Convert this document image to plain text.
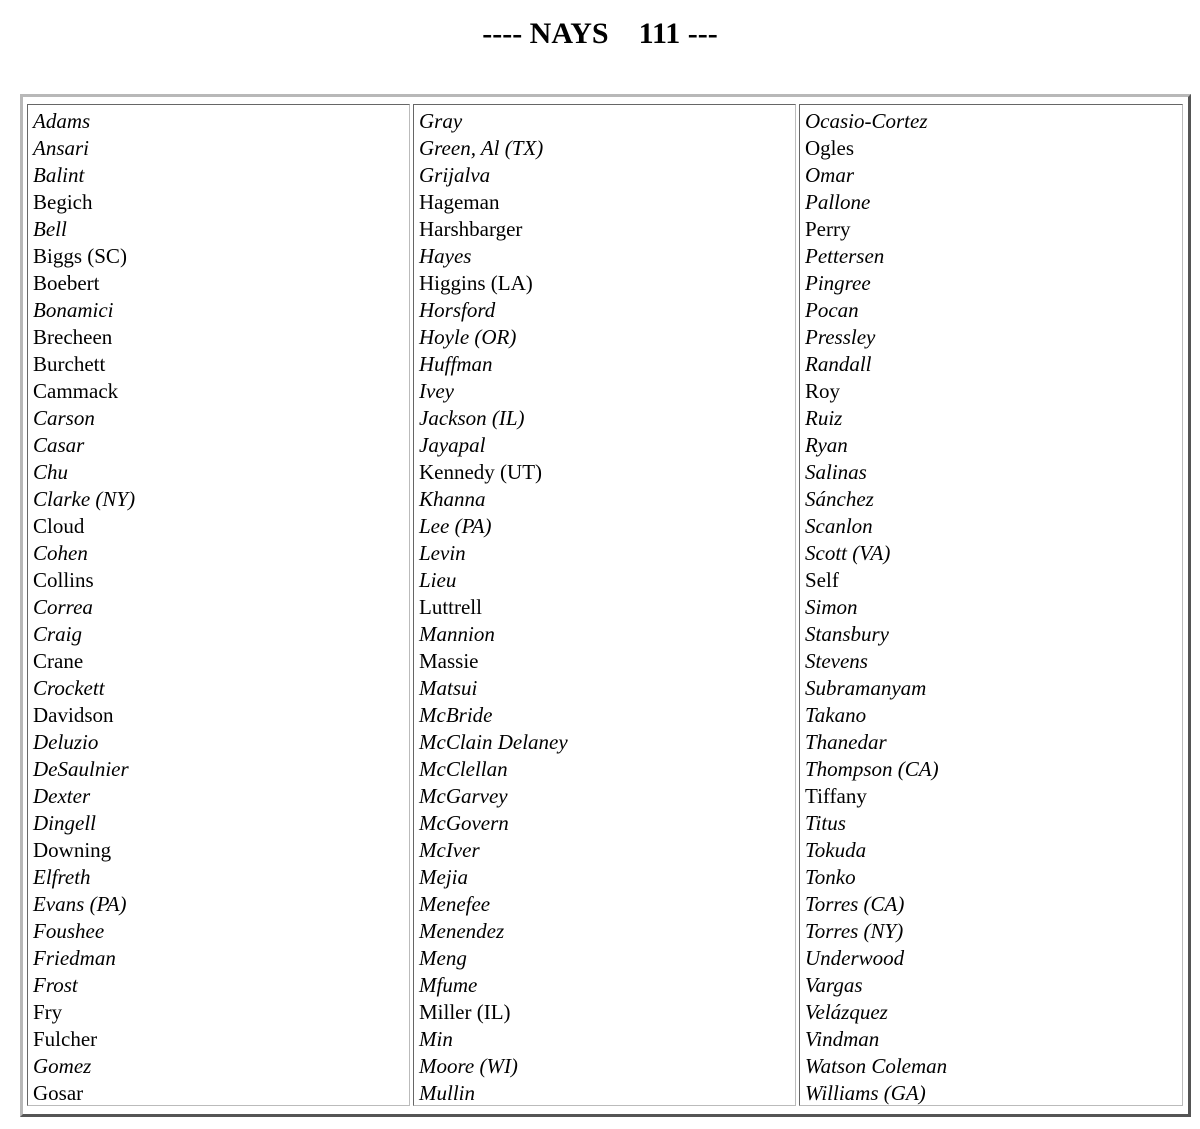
---- NAYS    111 ---
Adams
Ansari
Balint
Begich
Bell
Biggs (SC)
Boebert
Bonamici
Brecheen
Burchett
Cammack
Carson
Casar
Chu
Clarke (NY)
Cloud
Cohen
Collins
Correa
Craig
Crane
Crockett
Davidson
Deluzio
DeSaulnier
Dexter
Dingell
Downing
Elfreth
Evans (PA)
Foushee
Friedman
Frost
Fry
Fulcher
Gomez
Gosar
Gray
Green, Al (TX)
Grijalva
Hageman
Harshbarger
Hayes
Higgins (LA)
Horsford
Hoyle (OR)
Huffman
Ivey
Jackson (IL)
Jayapal
Kennedy (UT)
Khanna
Lee (PA)
Levin
Lieu
Luttrell
Mannion
Massie
Matsui
McBride
McClain Delaney
McClellan
McGarvey
McGovern
McIver
Mejia
Menefee
Menendez
Meng
Mfume
Miller (IL)
Min
Moore (WI)
Mullin
Ocasio-Cortez
Ogles
Omar
Pallone
Perry
Pettersen
Pingree
Pocan
Pressley
Randall
Roy
Ruiz
Ryan
Salinas
Sánchez
Scanlon
Scott (VA)
Self
Simon
Stansbury
Stevens
Subramanyam
Takano
Thanedar
Thompson (CA)
Tiffany
Titus
Tokuda
Tonko
Torres (CA)
Torres (NY)
Underwood
Vargas
Velázquez
Vindman
Watson Coleman
Williams (GA)
